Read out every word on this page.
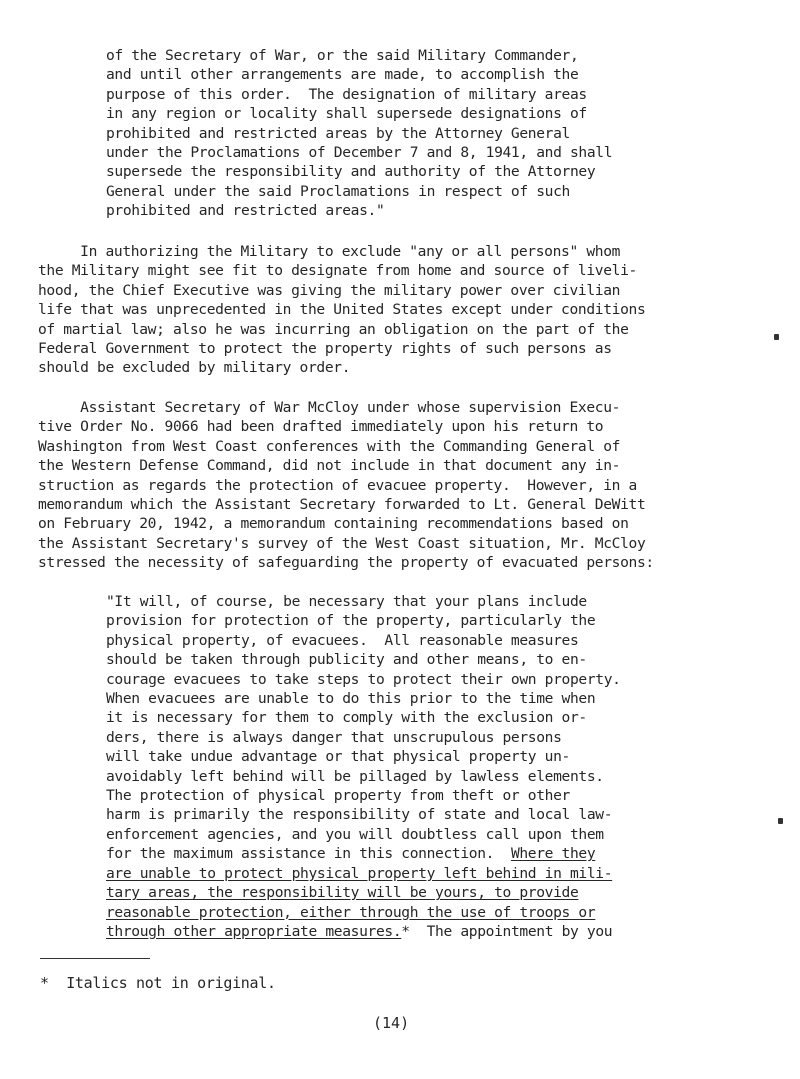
of the Secretary of War, or the said Military Commander,
and until other arrangements are made, to accomplish the
purpose of this order.  The designation of military areas
in any region or locality shall supersede designations of
prohibited and restricted areas by the Attorney General
under the Proclamations of December 7 and 8, 1941, and shall
supersede the responsibility and authority of the Attorney
General under the said Proclamations in respect of such
prohibited and restricted areas."
In authorizing the Military to exclude "any or all persons" whom
the Military might see fit to designate from home and source of liveli-
hood, the Chief Executive was giving the military power over civilian
life that was unprecedented in the United States except under conditions
of martial law; also he was incurring an obligation on the part of the
Federal Government to protect the property rights of such persons as
should be excluded by military order.
Assistant Secretary of War McCloy under whose supervision Execu-
tive Order No. 9066 had been drafted immediately upon his return to
Washington from West Coast conferences with the Commanding General of
the Western Defense Command, did not include in that document any in-
struction as regards the protection of evacuee property.  However, in a
memorandum which the Assistant Secretary forwarded to Lt. General DeWitt
on February 20, 1942, a memorandum containing recommendations based on
the Assistant Secretary's survey of the West Coast situation, Mr. McCloy
stressed the necessity of safeguarding the property of evacuated persons:
"It will, of course, be necessary that your plans include
provision for protection of the property, particularly the
physical property, of evacuees.  All reasonable measures
should be taken through publicity and other means, to en-
courage evacuees to take steps to protect their own property.
When evacuees are unable to do this prior to the time when
it is necessary for them to comply with the exclusion or-
ders, there is always danger that unscrupulous persons
will take undue advantage or that physical property un-
avoidably left behind will be pillaged by lawless elements.
The protection of physical property from theft or other
harm is primarily the responsibility of state and local law-
enforcement agencies, and you will doubtless call upon them
for the maximum assistance in this connection.  Where they
are unable to protect physical property left behind in mili-
tary areas, the responsibility will be yours, to provide
reasonable protection, either through the use of troops or
through other appropriate measures.*  The appointment by you
*  Italics not in original.
(14)
